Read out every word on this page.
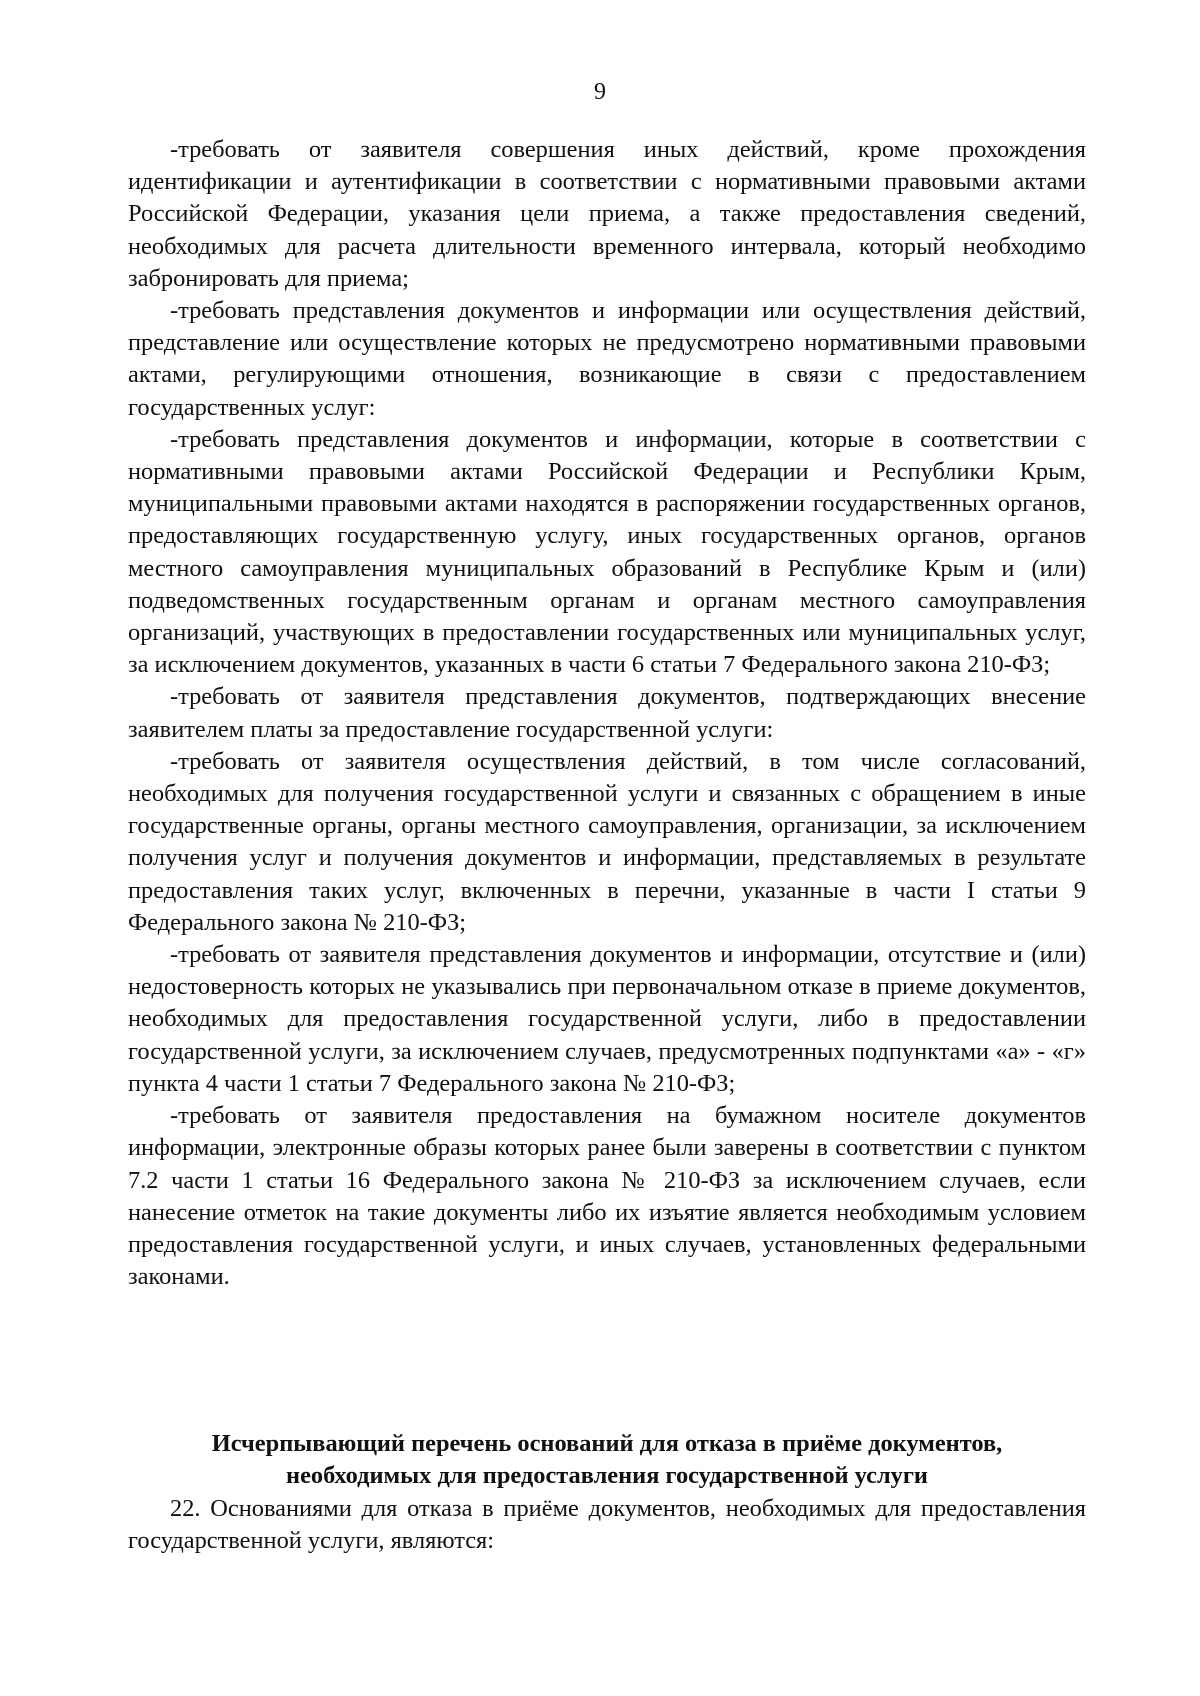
9

-требовать от заявителя совершения иных действий, кроме прохождения идентификации и аутентификации в соответствии с нормативными правовыми актами Российской Федерации, указания цели приема, а также предоставления сведений, необходимых для расчета длительности временного интервала, который необходимо забронировать для приема;

-требовать представления документов и информации или осуществления действий, представление или осуществление которых не предусмотрено нормативными правовыми актами, регулирующими отношения, возникающие в связи с предоставлением государственных услуг:

-требовать представления документов и информации, которые в соответствии с нормативными правовыми актами Российской Федерации и Республики Крым, муниципальными правовыми актами находятся в распоряжении государственных органов, предоставляющих государственную услугу, иных государственных органов, органов местного самоуправления муниципальных образований в Республике Крым и (или) подведомственных государственным органам и органам местного самоуправления организаций, участвующих в предоставлении государственных или муниципальных услуг, за исключением документов, указанных в части 6 статьи 7 Федерального закона 210-ФЗ;

-требовать от заявителя представления документов, подтверждающих внесение заявителем платы за предоставление государственной услуги:

-требовать от заявителя осуществления действий, в том числе согласований, необходимых для получения государственной услуги и связанных с обращением в иные государственные органы, органы местного самоуправления, организации, за исключением получения услуг и получения документов и информации, представляемых в результате предоставления таких услуг, включенных в перечни, указанные в части I статьи 9 Федерального закона № 210-ФЗ;

-требовать от заявителя представления документов и информации, отсутствие и (или) недостоверность которых не указывались при первоначальном отказе в приеме документов, необходимых для предоставления государственной услуги, либо в предоставлении государственной услуги, за исключением случаев, предусмотренных подпунктами «а» - «г» пункта 4 части 1 статьи 7 Федерального закона № 210-ФЗ;

-требовать от заявителя предоставления на бумажном носителе документов информации, электронные образы которых ранее были заверены в соответствии с пунктом 7.2 части 1 статьи 16 Федерального закона № 210-ФЗ за исключением случаев, если нанесение отметок на такие документы либо их изъятие является необходимым условием предоставления государственной услуги, и иных случаев, установленных федеральными законами.

Исчерпывающий перечень оснований для отказа в приёме документов,
необходимых для предоставления государственной услуги

22. Основаниями для отказа в приёме документов, необходимых для предоставления государственной услуги, являются:
